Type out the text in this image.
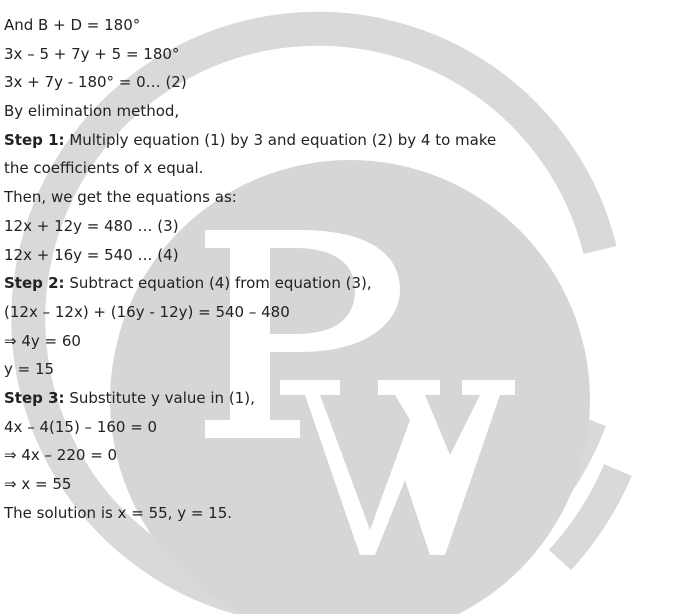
And B + D = 180°
3x – 5 + 7y + 5 = 180°
3x + 7y - 180° = 0… (2)
By elimination method,
Step 1: Multiply equation (1) by 3 and equation (2) by 4 to make
the coefficients of x equal.
Then, we get the equations as:
12x + 12y = 480 … (3)
12x + 16y = 540 … (4)
Step 2: Subtract equation (4) from equation (3),
(12x – 12x) + (16y - 12y) = 540 – 480
⇒ 4y = 60
y = 15
Step 3: Substitute y value in (1),
4x – 4(15) – 160 = 0
⇒ 4x – 220 = 0
⇒ x = 55
The solution is x = 55, y = 15.
